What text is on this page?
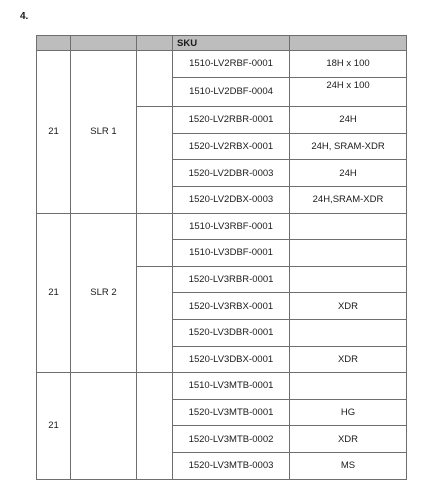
4.
			SKU	
21	SLR 1		1510-LV2RBF-0001	18H x 100
			1510-LV2DBF-0004	24H x 100
			1520-LV2RBR-0001	24H
			1520-LV2RBX-0001	24H, SRAM-XDR
			1520-LV2DBR-0003	24H
			1520-LV2DBX-0003	24H,SRAM-XDR
21	SLR 2		1510-LV3RBF-0001	
			1510-LV3DBF-0001	
			1520-LV3RBR-0001	
			1520-LV3RBX-0001	XDR
			1520-LV3DBR-0001	
			1520-LV3DBX-0001	XDR
21			1510-LV3MTB-0001	
			1520-LV3MTB-0001	HG
			1520-LV3MTB-0002	XDR
			1520-LV3MTB-0003	MS
